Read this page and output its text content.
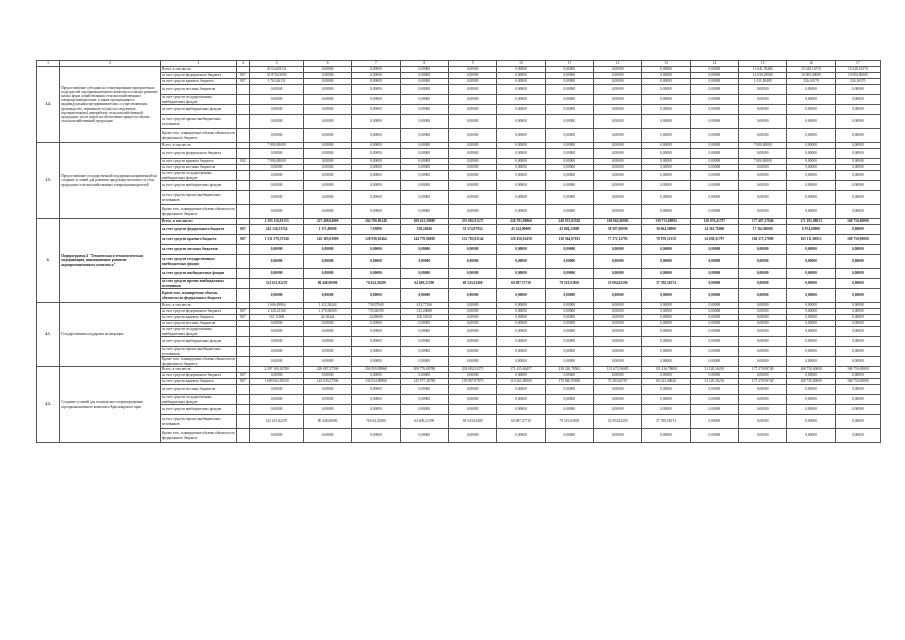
1	2	3	4	5	6	7	8	9	10	11	12	13	14	15	16	17
3.4.	Предоставление субсидии на стимулирование приоритетных подотраслей агропромышленного комплекса и малых развитие малых форм хозяйствования сельскохозяйственным товаропроизводителям, а также организациям и индивидуальным предпринимателям, осуществляющим производство, первичную и (или) последующую (промышленную) переработку сельскохозяйственной продукции, части затрат на обеспечение прироста объема сельскохозяйственной продукции	Всего, в том числе:		35 634,09131	0,00000	0,00000	0,00000	0,00000	0,00000	0,00000	0,00000	0,00000	0,00000	15 041,78480	10 328,16570	10 328,16570
		за счет средств федерального бюджета	807	33 870,63000	0,00000	0,00000	0,00000	0,00000	0,00000	0,00000	0,00000	0,00000	0,00000	14 030,29000	10 000,00000	10 000,00000
		за счет средств краевого бюджета	807	1 763,46131	0,00000	0,00000	0,00000	0,00000	0,00000	0,00000	0,00000	0,00000	0,00000	1 011,49480	326,16570	326,16570
		за счет средств местных бюджетов		0,00000	0,00000	0,00000	0,00000	0,00000	0,00000	0,00000	0,00000	0,00000	0,00000	0,00000	0,00000	0,00000
		за счет средств государственных внебюджетных фондов		0,00000	0,00000	0,00000	0,00000	0,00000	0,00000	0,00000	0,00000	0,00000	0,00000	0,00000	0,00000	0,00000
		за счет средств внебюджетных фондов		0,00000	0,00000	0,00000	0,00000	0,00000	0,00000	0,00000	0,00000	0,00000	0,00000	0,00000	0,00000	0,00000
		за счет средств прочих внебюджетных источников		0,00000	0,00000	0,00000	0,00000	0,00000	0,00000	0,00000	0,00000	0,00000	0,00000	0,00000	0,00000	0,00000
		Кроме того, планируемые объемы обязательств федерального бюджета		0,00000	0,00000	0,00000	0,00000	0,00000	0,00000	0,00000	0,00000	0,00000	0,00000	0,00000	0,00000	0,00000
3.5.	Предоставление государственной поддержки направленной на создание условий для развития продукции молочного и убоя продукции сельскохозяйственных товаропроизводителей	Всего, в том числе:		7 000,00000	0,00000	0,00000	0,00000	0,00000	0,00000	0,00000	0,00000	0,00000	0,00000	7 000,00000	0,00000	0,00000
		за счет средств федерального бюджета		0,00000	0,00000	0,00000	0,00000	0,00000	0,00000	0,00000	0,00000	0,00000	0,00000	0,00000	0,00000	0,00000
		за счет средств краевого бюджета	842	7 000,00000	0,00000	0,00000	0,00000	0,00000	0,00000	0,00000	0,00000	0,00000	0,00000	7 000,00000	0,00000	0,00000
		за счет средств местных бюджетов		0,00000	0,00000	0,00000	0,00000	0,00000	0,00000	0,00000	0,00000	0,00000	0,00000	0,00000	0,00000	0,00000
		за счет средств государственных внебюджетных фондов		0,00000	0,00000	0,00000	0,00000	0,00000	0,00000	0,00000	0,00000	0,00000	0,00000	0,00000	0,00000	0,00000
		за счет средств внебюджетных фондов		0,00000	0,00000	0,00000	0,00000	0,00000	0,00000	0,00000	0,00000	0,00000	0,00000	0,00000	0,00000	0,00000
		за счет средств прочих внебюджетных источников		0,00000	0,00000	0,00000	0,00000	0,00000	0,00000	0,00000	0,00000	0,00000	0,00000	0,00000	0,00000	0,00000
		Кроме того, планируемые объемы обязательств федерального бюджета		0,00000	0,00000	0,00000	0,00000	0,00000	0,00000	0,00000	0,00000	0,00000	0,00000	0,00000	0,00000	0,00000
4.	Подпрограмма 4 "Техническая и технологическая модернизация, инновационное развитие агропромышленного комплекса"	Всего, в том числе:		2 395 116,93155	227 499,84000	204 790,06148	189 612,50980	255 082,91275	226 781,90868	249 972,03528	168 062,00085	139 713,09892	150 078,41797	177 497,27840	171 185,08813	168 750,00000
		за счет средств федерального бюджета	807	242 126,53354	1 371,00000	7,03890	338,24040	33 574,87934	45 324,00600	43 084,23000	38 587,00000	30 064,58000	24 361,76000	17 362,00000	6 074,00000	0,00000
		за счет средств краевого бюджета	807	1 531 378,57540	145 385,03000	128 038,65464	144 770,06000	152 785,03144	120 456,01458	136 564,07015	77 171,12795	70 978,11318	54 638,21797	160 275,17800	165 111,08813	168 750,00000
		за счет средств местных бюджетов		0,00000	0,00000	0,00000	0,00000	0,00000	0,00000	0,00000	0,00000	0,00000	0,00000	0,00000	0,00000	0,00000
		за счет средств государственных внебюджетных фондов		0,00000	0,00000	0,00000	0,00000	0,00000	0,00000	0,00000	0,00000	0,00000	0,00000	0,00000	0,00000	0,00000
		за счет средств внебюджетных фондов		0,00000	0,00000	0,00000	0,00000	0,00000	0,00000	0,00000	0,00000	0,00000	0,00000	0,00000	0,00000	0,00000
		за счет средств прочих внебюджетных источников		521 611,82270	80 448,00000	76 024,30280	64 609,21590	69 543,03400	60 987,37710	79 319,03850	52 094,02290	37 788,56574	0,00000	0,00000	0,00000	0,00000
		Кроме того, планируемые объемы обязательств федерального бюджета		0,00000	0,00000	0,00000	0,00000	0,00000	0,00000	0,00000	0,00000	0,00000	0,00000	0,00000	0,00000	0,00000
4.1.	Государственная поддержка мелиорации	Всего, в том числе:		2 606,49864	1 412,38444	730,97040	413,77106	0,00000	0,00000	0,00000	0,00000	0,00000	0,00000	0,00000	0,00000	0,00000
		за счет средств федерального бюджета	807	2 120,41160	1 370,00000	735,66590	315,20680	0,00000	0,00000	0,00000	0,00000	0,00000	0,00000	0,00000	0,00000	0,00000
		за счет средств краевого бюджета	807	167,11600	42,38444	24,08000	100,50520	0,00000	0,00000	0,00000	0,00000	0,00000	0,00000	0,00000	0,00000	0,00000
		за счет средств местных бюджетов		0,00000	0,00000	0,00000	0,00000	0,00000	0,00000	0,00000	0,00000	0,00000	0,00000	0,00000	0,00000	0,00000
		за счет средств государственных внебюджетных фондов		0,00000	0,00000	0,00000	0,00000	0,00000	0,00000	0,00000	0,00000	0,00000	0,00000	0,00000	0,00000	0,00000
		за счет средств внебюджетных фондов		0,00000	0,00000	0,00000	0,00000	0,00000	0,00000	0,00000	0,00000	0,00000	0,00000	0,00000	0,00000	0,00000
		за счет средств прочих внебюджетных источников		0,00000	0,00000	0,00000	0,00000	0,00000	0,00000	0,00000	0,00000	0,00000	0,00000	0,00000	0,00000	0,00000
		Кроме того, планируемые объемы обязательств федерального бюджета		0,00000	0,00000	0,00000	0,00000	0,00000	0,00000	0,00000	0,00000	0,00000	0,00000	0,00000	0,00000	0,00000
4.2.	Создание условий для технического перевооружения агропромышленного комплекса Красноярского края	Всего, в том числе:		2 397 100,43780	226 087,27596	204 059,09868	209 776,80788	254 082,91275	171 415,86457	250 226,78562	131 673,56085	131 416,78000	51 120,36210	177 278,99740	168 750,00000	168 750,00000
		за счет средств федерального бюджета	807	0,00000	0,00000	0,00000	0,00000	0,00000	0,00000	0,00000	0,00000	0,00000	0,00000	0,00000	0,00000	0,00000
		за счет средств краевого бюджета	807	1 689 062,09330	145 639,27596	130 034,89868	145 977,36788	159 887,87875	110 265,00000	170 840,95838	73 383,00787	69 323,40826	51 120,36210	177 278,99740	168 750,00000	168 750,00000
		за счет средств местных бюджетов		0,00000	0,00000	0,00000	0,00000	0,00000	0,00000	0,00000	0,00000	0,00000	0,00000	0,00000	0,00000	0,00000
		за счет средств государственных внебюджетных фондов		0,00000	0,00000	0,00000	0,00000	0,00000	0,00000	0,00000	0,00000	0,00000	0,00000	0,00000	0,00000	0,00000
		за счет средств внебюджетных фондов		0,00000	0,00000	0,00000	0,00000	0,00000	0,00000	0,00000	0,00000	0,00000	0,00000	0,00000	0,00000	0,00000
		за счет средств прочих внебюджетных источников		521 611,82270	80 448,00000	76 024,30280	64 609,21590	69 543,03400	60 987,37710	79 319,03850	52 094,02290	37 788,56574	0,00000	0,00000	0,00000	0,00000
		Кроме того, планируемые объемы обязательств федерального бюджета		0,00000	0,00000	0,00000	0,00000	0,00000	0,00000	0,00000	0,00000	0,00000	0,00000	0,00000	0,00000	0,00000
